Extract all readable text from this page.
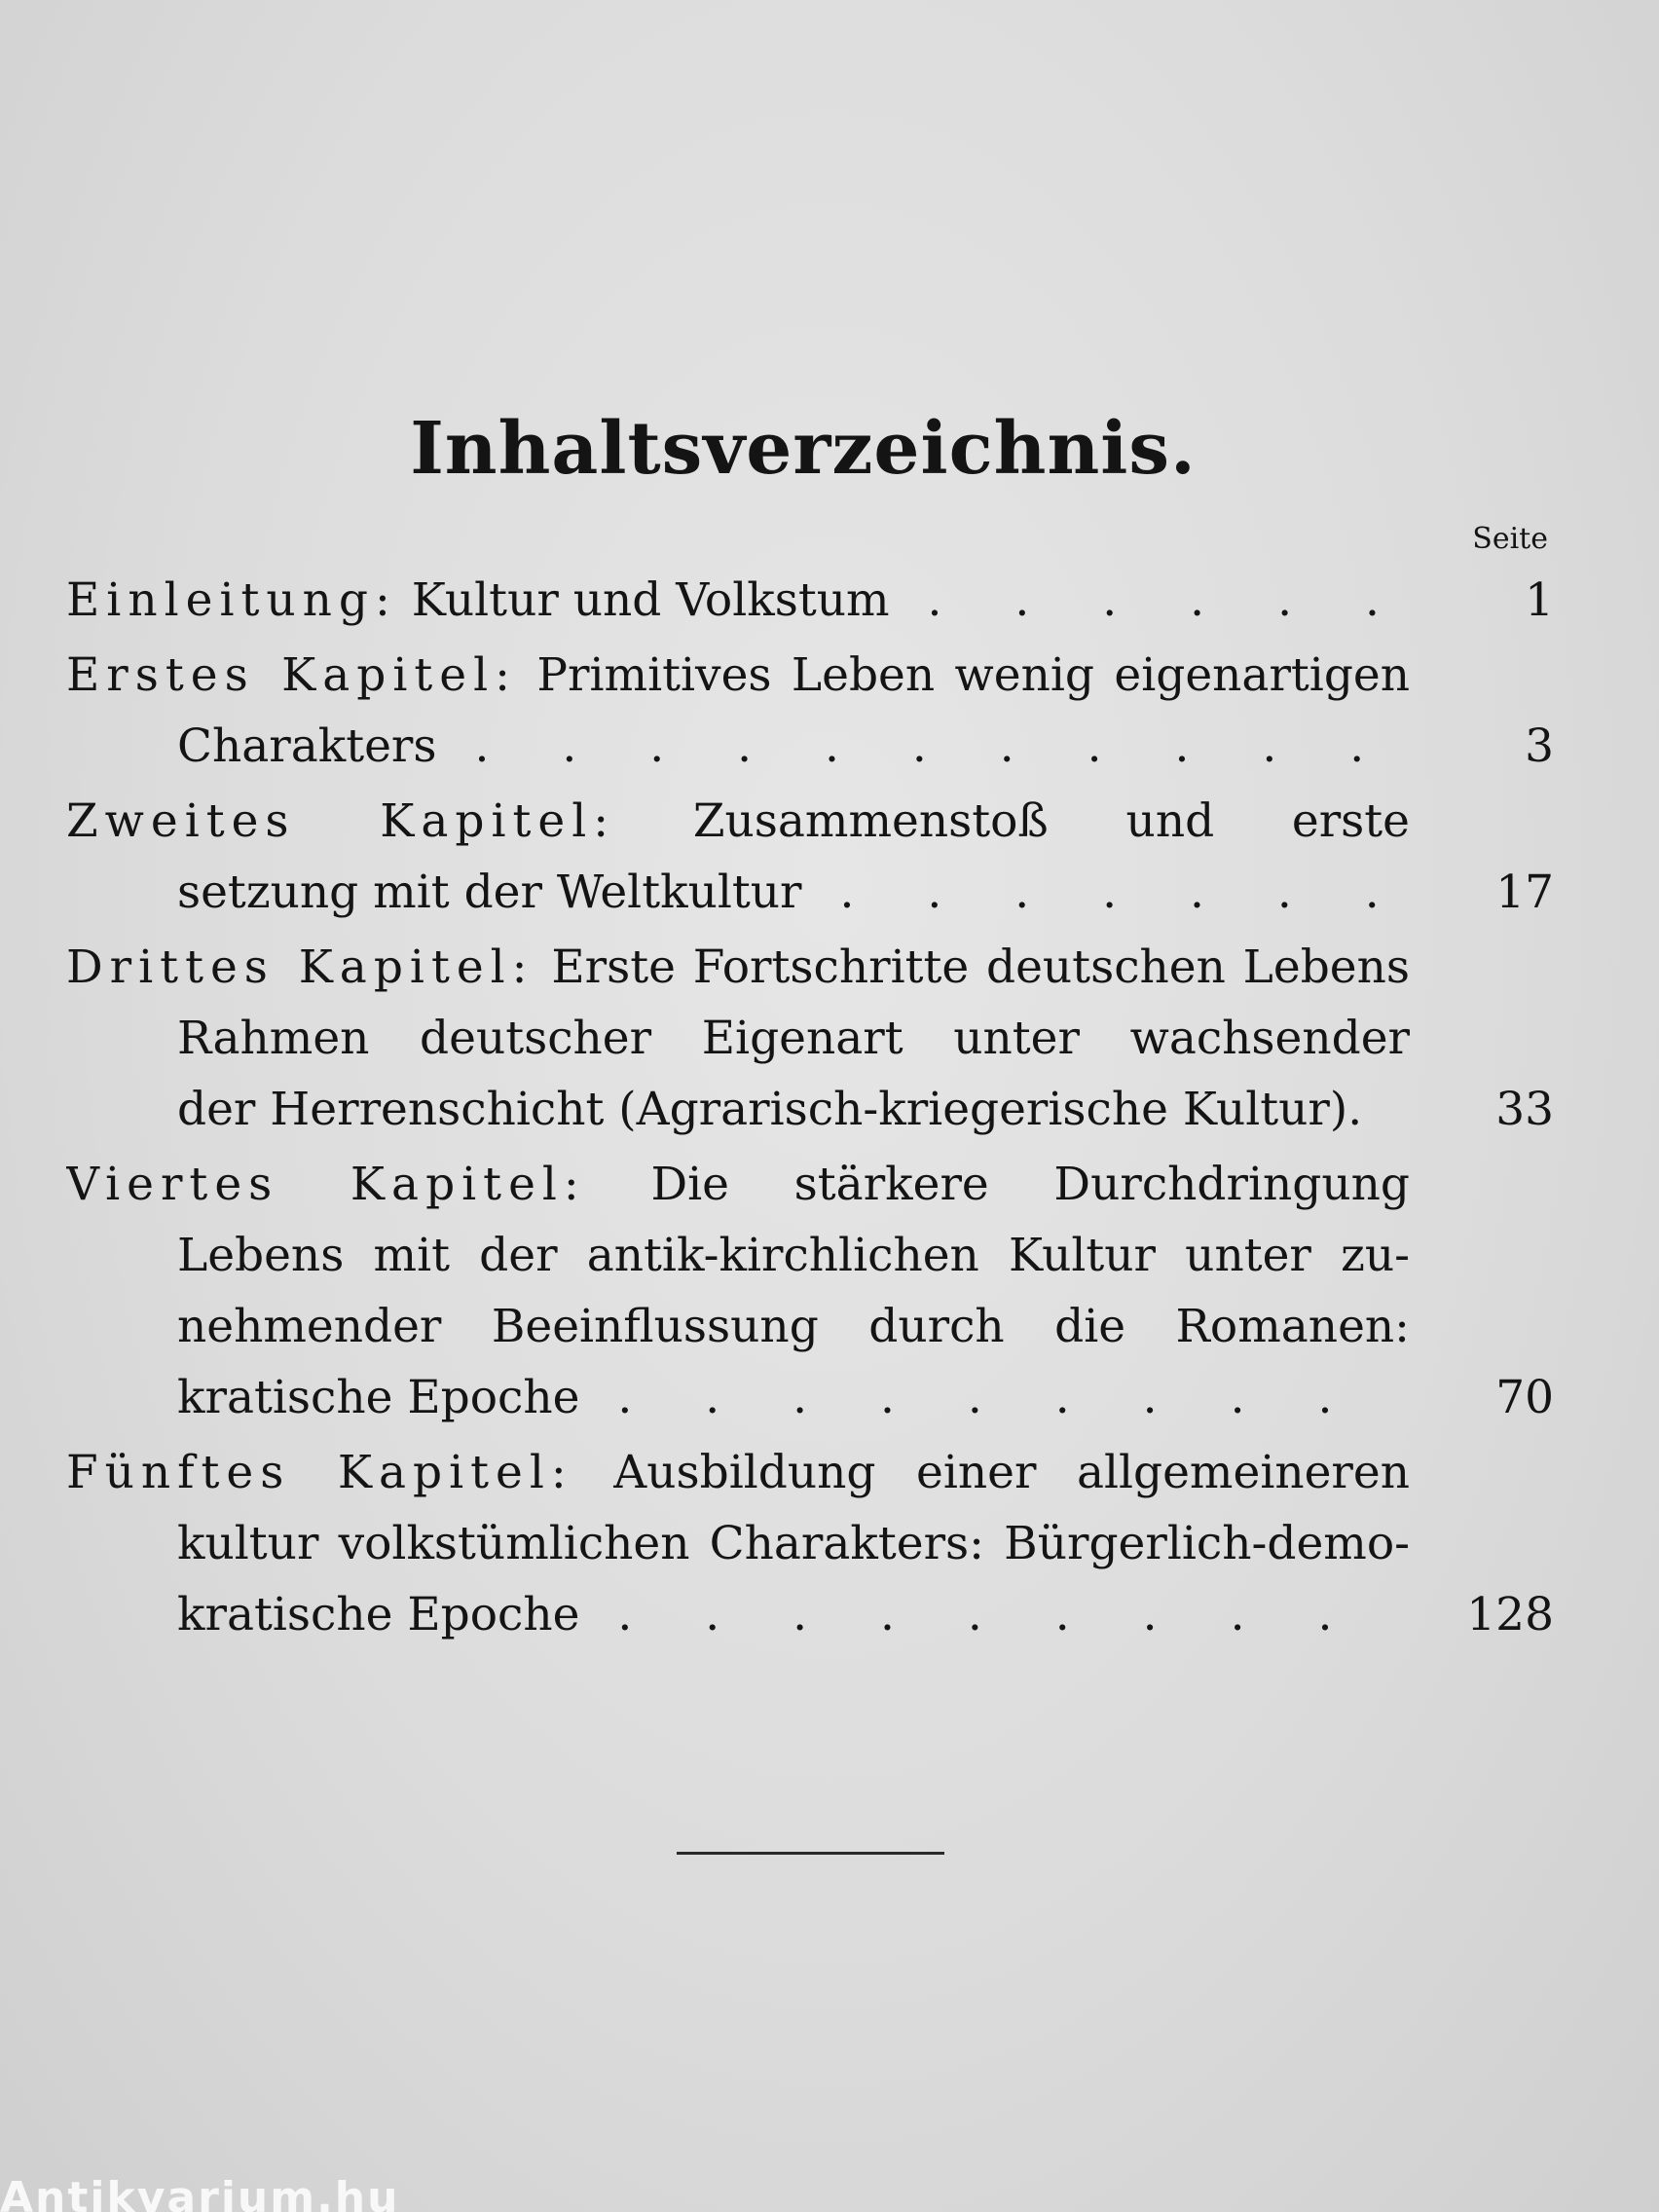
Inhaltsverzeichnis.
Seite
Einleitung: Kultur und Volkstum . . . . . .	1
Erstes Kapitel: Primitives Leben wenig eigenartigen
Charakters . . . . . . . . . . .	3
Zweites Kapitel: Zusammenstoß und erste
setzung mit der Weltkultur . . . . . . .	17
Drittes Kapitel: Erste Fortschritte deutschen Lebens
Rahmen deutscher Eigenart unter wachsender
der Herrenschicht (Agrarisch-kriegerische Kultur).	33
Viertes Kapitel: Die stärkere Durchdringung
Lebens mit der antik-kirchlichen Kultur unter zu-
nehmender Beeinflussung durch die Romanen:
kratische Epoche . . . . . . . . .	70
Fünftes Kapitel: Ausbildung einer allgemeineren
kultur volkstümlichen Charakters: Bürgerlich-demo-
kratische Epoche . . . . . . . . .	128
Antikvarium.hu
